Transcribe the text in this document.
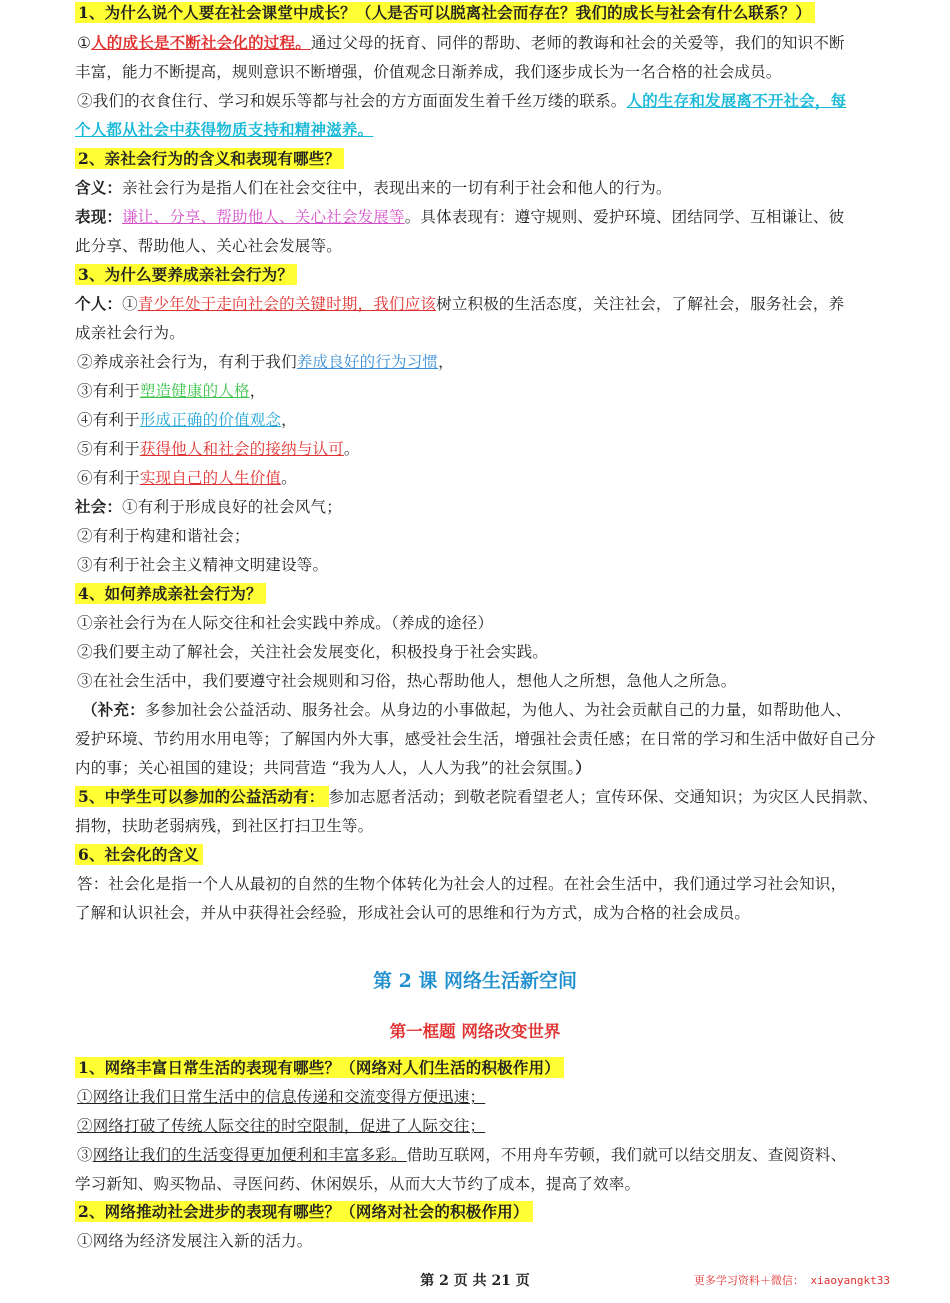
1、为什么说个人要在社会课堂中成长？（人是否可以脱离社会而存在？我们的成长与社会有什么联系？）
①人的成长是不断社会化的过程。通过父母的抚育、同伴的帮助、老师的教诲和社会的关爱等，我们的知识不断
丰富，能力不断提高，规则意识不断增强，价值观念日渐养成，我们逐步成长为一名合格的社会成员。
②我们的衣食住行、学习和娱乐等都与社会的方方面面发生着千丝万缕的联系。人的生存和发展离不开社会，每
个人都从社会中获得物质支持和精神滋养。
2、亲社会行为的含义和表现有哪些？
含义：亲社会行为是指人们在社会交往中，表现出来的一切有利于社会和他人的行为。
表现：谦让、分享、帮助他人、关心社会发展等。具体表现有：遵守规则、爱护环境、团结同学、互相谦让、彼
此分享、帮助他人、关心社会发展等。
3、为什么要养成亲社会行为？
个人：①青少年处于走向社会的关键时期，我们应该树立积极的生活态度，关注社会，了解社会，服务社会，养
成亲社会行为。
②养成亲社会行为，有利于我们养成良好的行为习惯，
③有利于塑造健康的人格，
④有利于形成正确的价值观念，
⑤有利于获得他人和社会的接纳与认可。
⑥有利于实现自己的人生价值。
社会：①有利于形成良好的社会风气；
②有利于构建和谐社会；
③有利于社会主义精神文明建设等。
4、如何养成亲社会行为？
①亲社会行为在人际交往和社会实践中养成。（养成的途径）
②我们要主动了解社会，关注社会发展变化，积极投身于社会实践。
③在社会生活中，我们要遵守社会规则和习俗，热心帮助他人，想他人之所想，急他人之所急。
（补充：多参加社会公益活动、服务社会。从身边的小事做起，为他人、为社会贡献自己的力量，如帮助他人、
爱护环境、节约用水用电等；了解国内外大事，感受社会生活，增强社会责任感；在日常的学习和生活中做好自己分
内的事；关心祖国的建设；共同营造 “我为人人，人人为我”的社会氛围。）
5、中学生可以参加的公益活动有： 参加志愿者活动；到敬老院看望老人；宣传环保、交通知识；为灾区人民捐款、
捐物，扶助老弱病残，到社区打扫卫生等。
6、社会化的含义
答：社会化是指一个人从最初的自然的生物个体转化为社会人的过程。在社会生活中，我们通过学习社会知识，
了解和认识社会，并从中获得社会经验，形成社会认可的思维和行为方式，成为合格的社会成员。
第 2 课 网络生活新空间
第一框题 网络改变世界
1、网络丰富日常生活的表现有哪些？（网络对人们生活的积极作用）
①网络让我们日常生活中的信息传递和交流变得方便迅速；
②网络打破了传统人际交往的时空限制，促进了人际交往；
③网络让我们的生活变得更加便利和丰富多彩。借助互联网，不用舟车劳顿，我们就可以结交朋友、查阅资料、
学习新知、购买物品、寻医问药、休闲娱乐，从而大大节约了成本，提高了效率。
2、网络推动社会进步的表现有哪些？（网络对社会的积极作用）
①网络为经济发展注入新的活力。
第 2 页 共 21 页	更多学习资料＋微信： xiaoyangkt33
